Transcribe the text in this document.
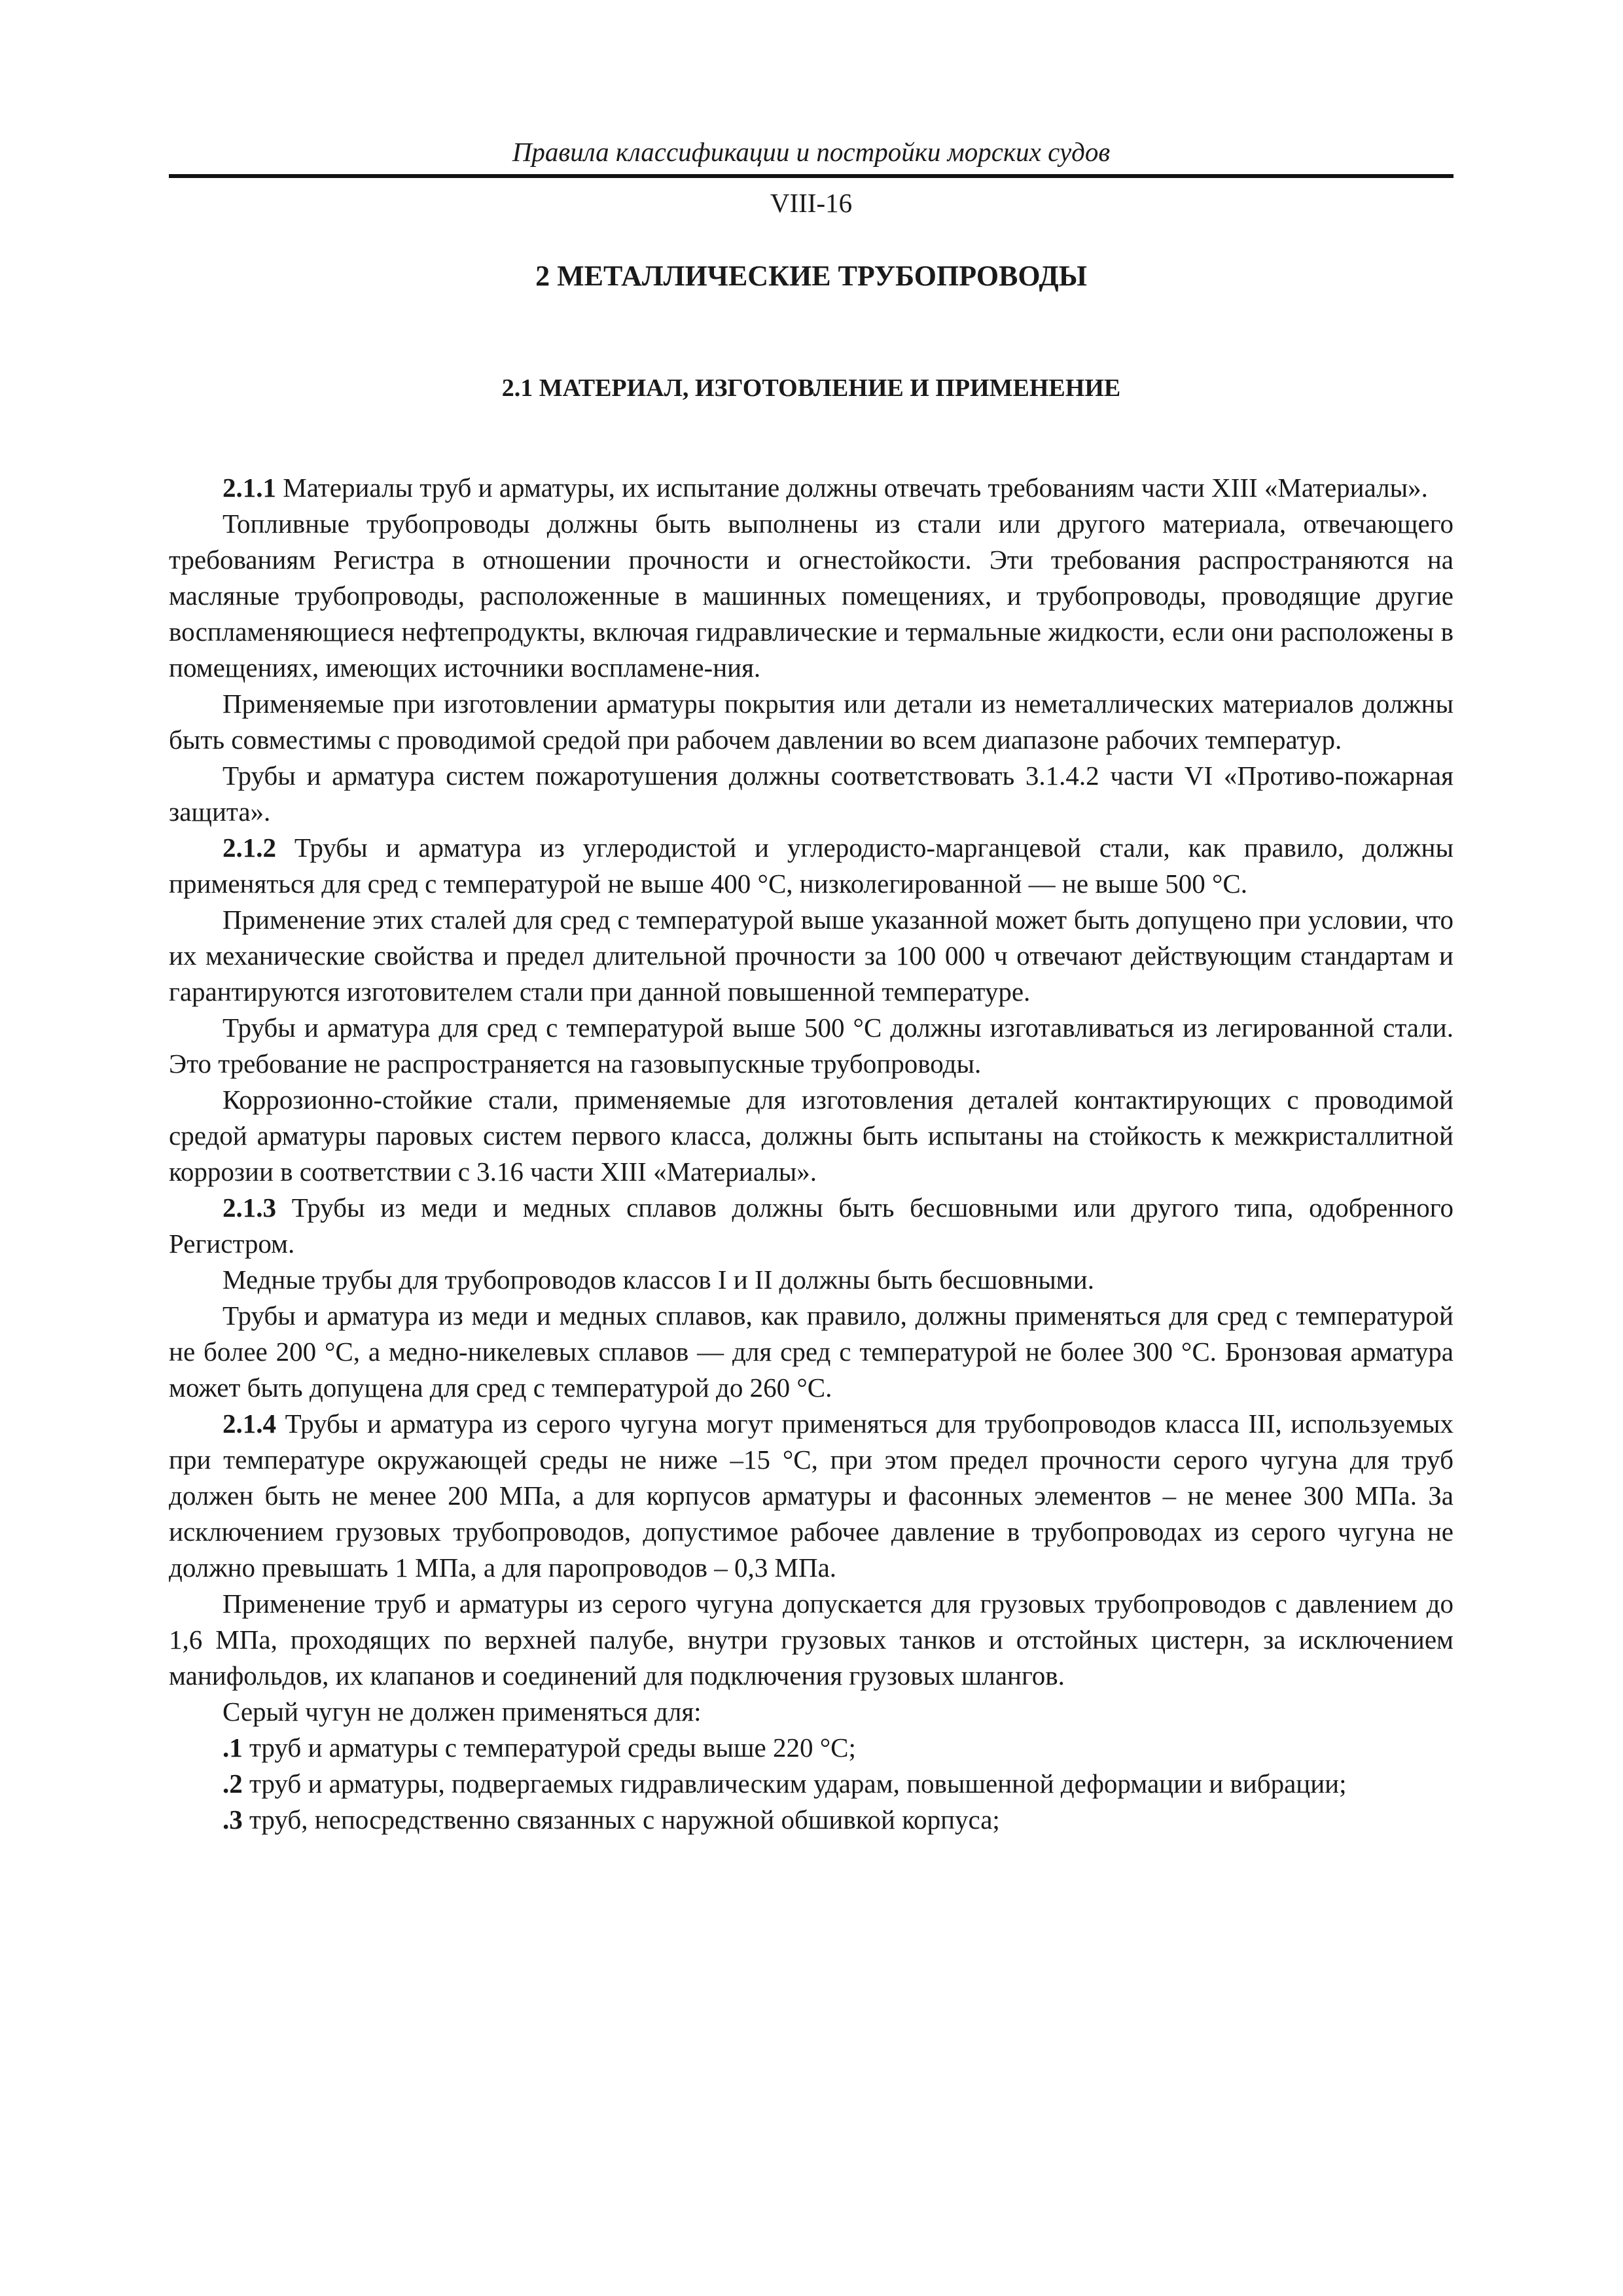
Правила классификации и постройки морских судов
VIII-16
2 МЕТАЛЛИЧЕСКИЕ ТРУБОПРОВОДЫ
2.1 МАТЕРИАЛ, ИЗГОТОВЛЕНИЕ И ПРИМЕНЕНИЕ

2.1.1 Материалы труб и арматуры, их испытание должны отвечать требованиям части XIII «Материалы».

Топливные трубопроводы должны быть выполнены из стали или другого материала, отвечающего требованиям Регистра в отношении прочности и огнестойкости. Эти требования распространяются на масляные трубопроводы, расположенные в машинных помещениях, и трубопроводы, проводящие другие воспламеняющиеся нефтепродукты, включая гидравлические и термальные жидкости, если они расположены в помещениях, имеющих источники воспламене-ния.

Применяемые при изготовлении арматуры покрытия или детали из неметаллических материалов должны быть совместимы с проводимой средой при рабочем давлении во всем диапазоне рабочих температур.

Трубы и арматура систем пожаротушения должны соответствовать 3.1.4.2 части VI «Противо-пожарная защита».

2.1.2 Трубы и арматура из углеродистой и углеродисто-марганцевой стали, как правило, должны применяться для сред с температурой не выше 400 °С, низколегированной — не выше 500 °С.

Применение этих сталей для сред с температурой выше указанной может быть допущено при условии, что их механические свойства и предел длительной прочности за 100 000 ч отвечают действующим стандартам и гарантируются изготовителем стали при данной повышенной температуре.

Трубы и арматура для сред с температурой выше 500 °С должны изготавливаться из легированной стали. Это требование не распространяется на газовыпускные трубопроводы.

Коррозионно-стойкие стали, применяемые для изготовления деталей контактирующих с проводимой средой арматуры паровых систем первого класса, должны быть испытаны на стойкость к межкристаллитной коррозии в соответствии с 3.16 части XIII «Материалы».

2.1.3 Трубы из меди и медных сплавов должны быть бесшовными или другого типа, одобренного Регистром.

Медные трубы для трубопроводов классов I и II должны быть бесшовными.

Трубы и арматура из меди и медных сплавов, как правило, должны применяться для сред с температурой не более 200 °С, а медно-никелевых сплавов — для сред с температурой не более 300 °С. Бронзовая арматура может быть допущена для сред с температурой до 260 °С.

2.1.4 Трубы и арматура из серого чугуна могут применяться для трубопроводов класса III, используемых при температуре окружающей среды не ниже –15 °С, при этом предел прочности серого чугуна для труб должен быть не менее 200 МПа, а для корпусов арматуры и фасонных элементов – не менее 300 МПа. За исключением грузовых трубопроводов, допустимое рабочее давление в трубопроводах из серого чугуна не должно превышать 1 МПа, а для паропроводов – 0,3 МПа.

Применение труб и арматуры из серого чугуна допускается для грузовых трубопроводов с давлением до 1,6 МПа, проходящих по верхней палубе, внутри грузовых танков и отстойных цистерн, за исключением манифольдов, их клапанов и соединений для подключения грузовых шлангов.

Серый чугун не должен применяться для:

.1 труб и арматуры с температурой среды выше 220 °С;

.2 труб и арматуры, подвергаемых гидравлическим ударам, повышенной деформации и вибрации;

.3 труб, непосредственно связанных с наружной обшивкой корпуса;
